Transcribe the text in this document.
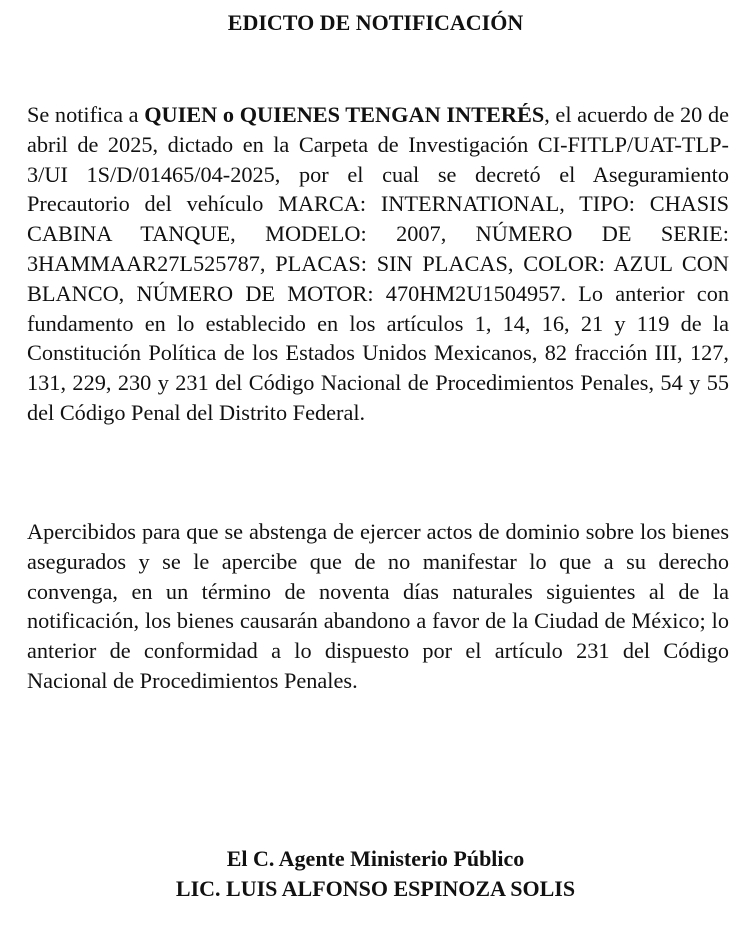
EDICTO DE NOTIFICACIÓN

Se notifica a QUIEN o QUIENES TENGAN INTERÉS, el acuerdo de 20 de abril de 2025, dictado en la Carpeta de Investigación CI-FITLP/UAT-TLP-3/UI 1S/D/01465/04-2025, por el cual se decretó el Aseguramiento Precautorio del vehículo MARCA: INTERNATIONAL, TIPO: CHASIS CABINA TANQUE, MODELO: 2007, NÚMERO DE SERIE: 3HAMMAAR27L525787, PLACAS: SIN PLACAS, COLOR: AZUL CON BLANCO, NÚMERO DE MOTOR: 470HM2U1504957. Lo anterior con fundamento en lo establecido en los artículos 1, 14, 16, 21 y 119 de la Constitución Política de los Estados Unidos Mexicanos, 82 fracción III, 127, 131, 229, 230 y 231 del Código Nacional de Procedimientos Penales, 54 y 55 del Código Penal del Distrito Federal.

Apercibidos para que se abstenga de ejercer actos de dominio sobre los bienes asegurados y se le apercibe que de no manifestar lo que a su derecho convenga, en un término de noventa días naturales siguientes al de la notificación, los bienes causarán abandono a favor de la Ciudad de México; lo anterior de conformidad a lo dispuesto por el artículo 231 del Código Nacional de Procedimientos Penales.

El C. Agente Ministerio Público

LIC. LUIS ALFONSO ESPINOZA SOLIS
